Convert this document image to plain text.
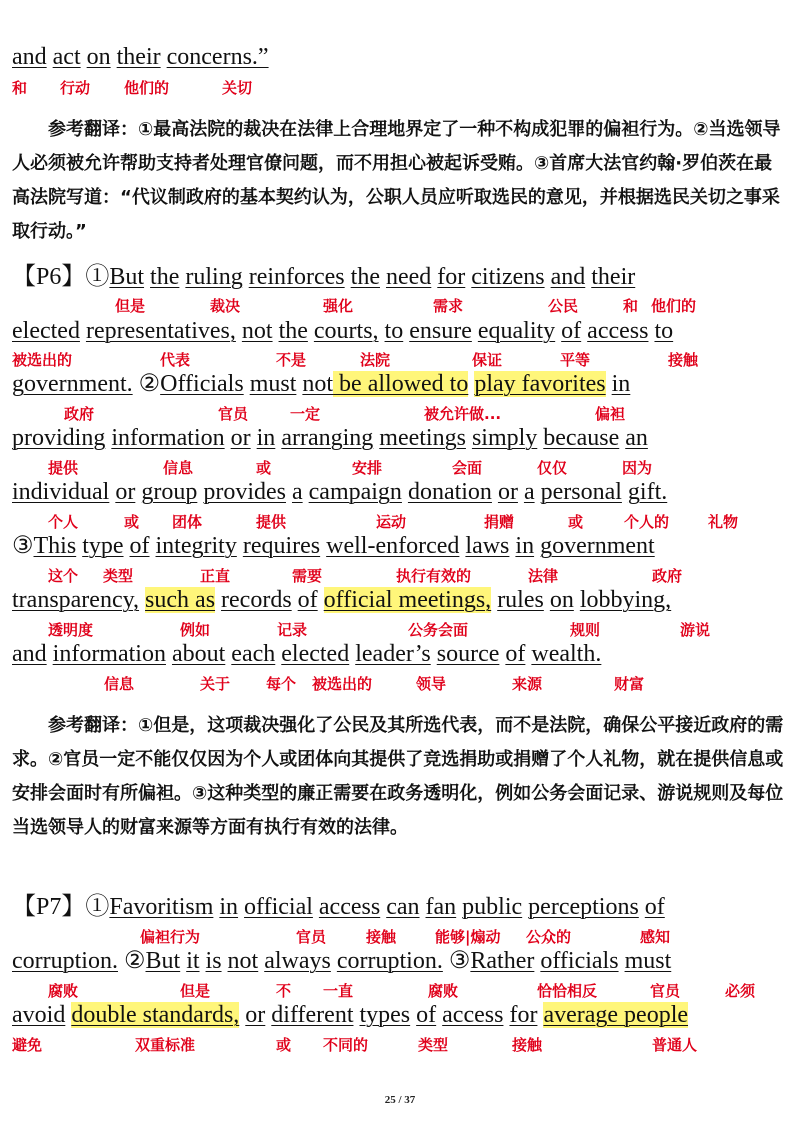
and act on their concerns.”
和 行动 他们的	关切
参考翻译：①最高法院的裁决在法律上合理地界定了一种不构成犯罪的偏袒行为。②当选领导人必须被允许帮助支持者处理官僚问题，而不用担心被起诉受贿。③首席大法官约翰·罗伯茨在最高法院写道：“代议制政府的基本契约认为，公职人员应听取选民的意见，并根据选民关切之事采取行动。”
【P6】①But the ruling reinforces the need for citizens and their
但是	裁决	强化	需求	公民	和 他们的
elected representatives, not the courts, to ensure equality of access to
被选出的	代表	不是	法院	保证	平等	接触
government. ②Officials must not be allowed to play favorites in
政府	官员	一定	被允许做...	偏袒
providing information or in arranging meetings simply because an
提供	信息	或	安排	会面	仅仅	因为
individual or group provides a campaign donation or a personal gift.
个人	或 团体	提供	运动	捐赠	或	个人的	礼物
③This type of integrity requires well-enforced laws in government
这个 类型	正直	需要	执行有效的	法律	政府
transparency, such as records of official meetings, rules on lobbying,
透明度	例如	记录	公务会面	规则	游说
and information about each elected leader’s source of wealth.
信息	关于 每个 被选出的	领导	来源	财富
参考翻译：①但是，这项裁决强化了公民及其所选代表，而不是法院，确保公平接近政府的需求。②官员一定不能仅仅因为个人或团体向其提供了竞选捐助或捐赠了个人礼物，就在提供信息或安排会面时有所偏袒。③这种类型的廉正需要在政务透明化，例如公务会面记录、游说规则及每位当选领导人的财富来源等方面有执行有效的法律。
【P7】①Favoritism in official access can fan public perceptions of
偏袒行为	官员	接触	能够|煽动 公众的	感知
corruption. ②But it is not always corruption. ③Rather officials must
腐败	但是	不 一直	腐败	恰恰相反	官员	必须
avoid double standards, or different types of access for average people
避免	双重标准	或 不同的	类型	接触	普通人
25 / 37
